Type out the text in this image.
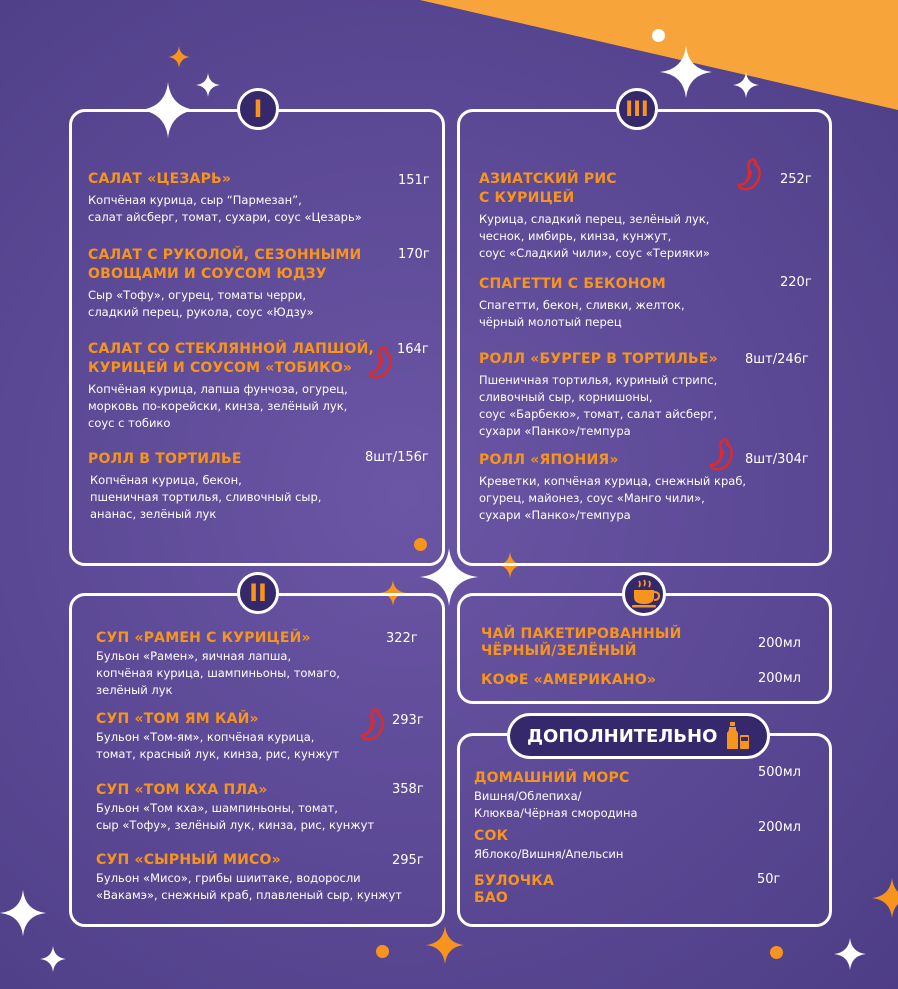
I
САЛАТ «ЦЕЗАРЬ»
Копчёная курица, сыр “Пармезан”,
салат айсберг, томат, сухари, соус «Цезарь»
151г
САЛАТ С РУКОЛОЙ, СЕЗОННЫМИ
ОВОЩАМИ И СОУСОМ ЮДЗУ
Сыр «Тофу», огурец, томаты черри,
сладкий перец, рукола, соус «Юдзу»
170г
САЛАТ СО СТЕКЛЯННОЙ ЛАПШОЙ,
КУРИЦЕЙ И СОУСОМ «ТОБИКО»
Копчёная курица, лапша фунчоза, огурец,
морковь по-корейски, кинза, зелёный лук,
соус с тобико
164г
РОЛЛ В ТОРТИЛЬЕ
Копчёная курица, бекон,
пшеничная тортилья, сливочный сыр,
ананас, зелёный лук
8шт/156г
III
АЗИАТСКИЙ РИС
С КУРИЦЕЙ
Курица, сладкий перец, зелёный лук,
чеснок, имбирь, кинза, кунжут,
соус «Сладкий чили», соус «Терияки»
252г
СПАГЕТТИ С БЕКОНОМ
Спагетти, бекон, сливки, желток,
чёрный молотый перец
220г
РОЛЛ «БУРГЕР В ТОРТИЛЬЕ»
Пшеничная тортилья, куриный стрипс,
сливочный сыр, корнишоны,
соус «Барбекю», томат, салат айсберг,
сухари «Панко»/темпура
8шт/246г
РОЛЛ «ЯПОНИЯ»
Креветки, копчёная курица, снежный краб,
огурец, майонез, соус «Манго чили»,
сухари «Панко»/темпура
8шт/304г
II
СУП «РАМЕН С КУРИЦЕЙ»
Бульон «Рамен», яичная лапша,
копчёная курица, шампиньоны, томаго,
зелёный лук
322г
СУП «ТОМ ЯМ КАЙ»
Бульон «Том-ям», копчёная курица,
томат, красный лук, кинза, рис, кунжут
293г
СУП «ТОМ КХА ПЛА»
Бульон «Том кха», шампиньоны, томат,
сыр «Тофу», зелёный лук, кинза, рис, кунжут
358г
СУП «СЫРНЫЙ МИСО»
Бульон «Мисо», грибы шиитаке, водоросли
«Вакамэ», снежный краб, плавленый сыр, кунжут
295г
ЧАЙ ПАКЕТИРОВАННЫЙ
ЧЁРНЫЙ/ЗЕЛЁНЫЙ	200мл
КОФЕ «АМЕРИКАНО»	200мл
ДОПОЛНИТЕЛЬНО
ДОМАШНИЙ МОРС
Вишня/Облепиха/
Клюква/Чёрная смородина
500мл
СОК
Яблоко/Вишня/Апельсин
200мл
БУЛОЧКА
БАО
50г
